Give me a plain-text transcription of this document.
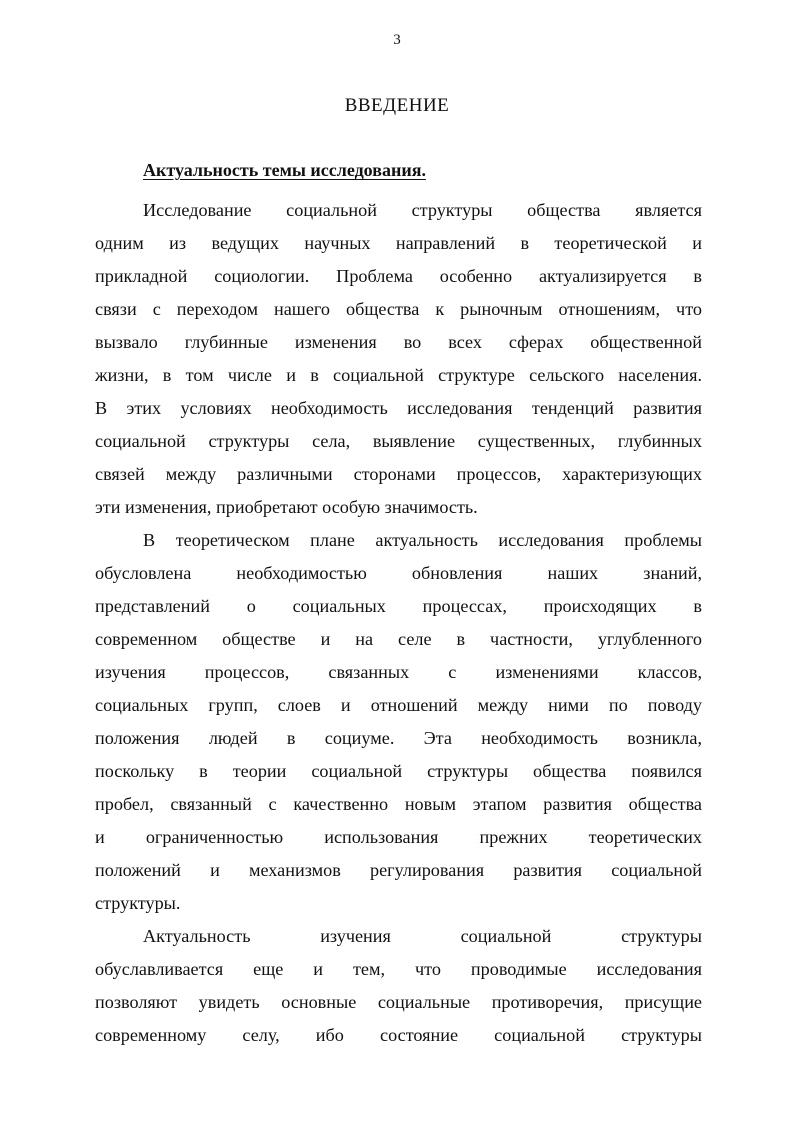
3
ВВЕДЕНИЕ
Актуальность темы исследования.
Исследование социальной структуры общества является
одним из ведущих научных направлений в теоретической и
прикладной социологии. Проблема особенно актуализируется в
связи с переходом нашего общества к рыночным отношениям, что
вызвало глубинные изменения во всех сферах общественной
жизни, в том числе и в социальной структуре сельского населения.
В этих условиях необходимость исследования тенденций развития
социальной структуры села, выявление существенных, глубинных
связей между различными сторонами процессов, характеризующих
эти изменения, приобретают особую значимость.
В теоретическом плане актуальность исследования проблемы
обусловлена необходимостью обновления наших знаний,
представлений о социальных процессах, происходящих в
современном обществе и на селе в частности, углубленного
изучения процессов, связанных с изменениями классов,
социальных групп, слоев и отношений между ними по поводу
положения людей в социуме. Эта необходимость возникла,
поскольку в теории социальной структуры общества появился
пробел, связанный с качественно новым этапом развития общества
и ограниченностью использования прежних теоретических
положений и механизмов регулирования развития социальной
структуры.
Актуальность изучения социальной структуры
обуславливается еще и тем, что проводимые исследования
позволяют увидеть основные социальные противоречия, присущие
современному селу, ибо состояние социальной структуры
